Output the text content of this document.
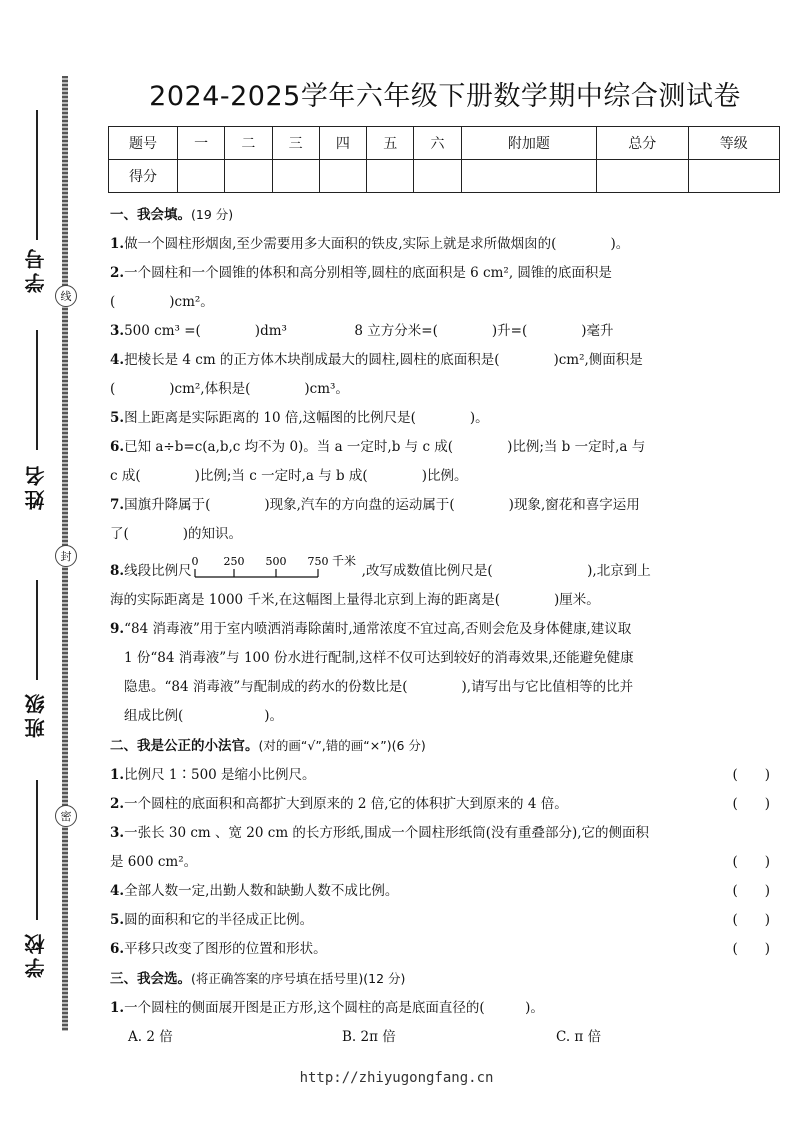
线
封
密
学号
姓名
班级
学校
2024-2025学年六年级下册数学期中综合测试卷
题号	一	二	三	四	五	六	附加题	总分	等级
得分									
一、我会填。(19 分)
1.做一个圆柱形烟囱,至少需要用多大面积的铁皮,实际上就是求所做烟囱的(　　　　)。
2.一个圆柱和一个圆锥的体积和高分别相等,圆柱的底面积是 6 cm², 圆锥的底面积是
(　　　　)cm²。
3.500 cm³ =(　　　　)dm³　　　　　8 立方分米=(　　　　)升=(　　　　)毫升
4.把棱长是 4 cm 的正方体木块削成最大的圆柱,圆柱的底面积是(　　　　)cm²,侧面积是
(　　　　)cm²,体积是(　　　　)cm³。
5.图上距离是实际距离的 10 倍,这幅图的比例尺是(　　　　)。
6.已知 a÷b=c(a,b,c 均不为 0)。当 a 一定时,b 与 c 成(　　　　)比例;当 b 一定时,a 与
c 成(　　　　)比例;当 c 一定时,a 与 b 成(　　　　)比例。
7.国旗升降属于(　　　　)现象,汽车的方向盘的运动属于(　　　　)现象,窗花和喜字运用
了(　　　　)的知识。
8.线段比例尺
0 250 500 750 千米
,改写成数值比例尺是(　　　　　　　),北京到上
海的实际距离是 1000 千米,在这幅图上量得北京到上海的距离是(　　　　)厘米。
9.“84 消毒液”用于室内喷洒消毒除菌时,通常浓度不宜过高,否则会危及身体健康,建议取
1 份“84 消毒液”与 100 份水进行配制,这样不仅可达到较好的消毒效果,还能避免健康
隐患。“84 消毒液”与配制成的药水的份数比是(　　　　),请写出与它比值相等的比并
组成比例(　　　　　　)。
二、我是公正的小法官。(对的画“√”,错的画“×”)(6 分)
1.比例尺 1∶500 是缩小比例尺。	(　　)
2.一个圆柱的底面积和高都扩大到原来的 2 倍,它的体积扩大到原来的 4 倍。	(　　)
3.一张长 30 cm 、宽 20 cm 的长方形纸,围成一个圆柱形纸筒(没有重叠部分),它的侧面积
是 600 cm²。	(　　)
4.全部人数一定,出勤人数和缺勤人数不成比例。	(　　)
5.圆的面积和它的半径成正比例。	(　　)
6.平移只改变了图形的位置和形状。	(　　)
三、我会选。(将正确答案的序号填在括号里)(12 分)
1.一个圆柱的侧面展开图是正方形,这个圆柱的高是底面直径的(　　　)。
A. 2 倍	B. 2π 倍	C. π 倍
http://zhiyugongfang.cn
